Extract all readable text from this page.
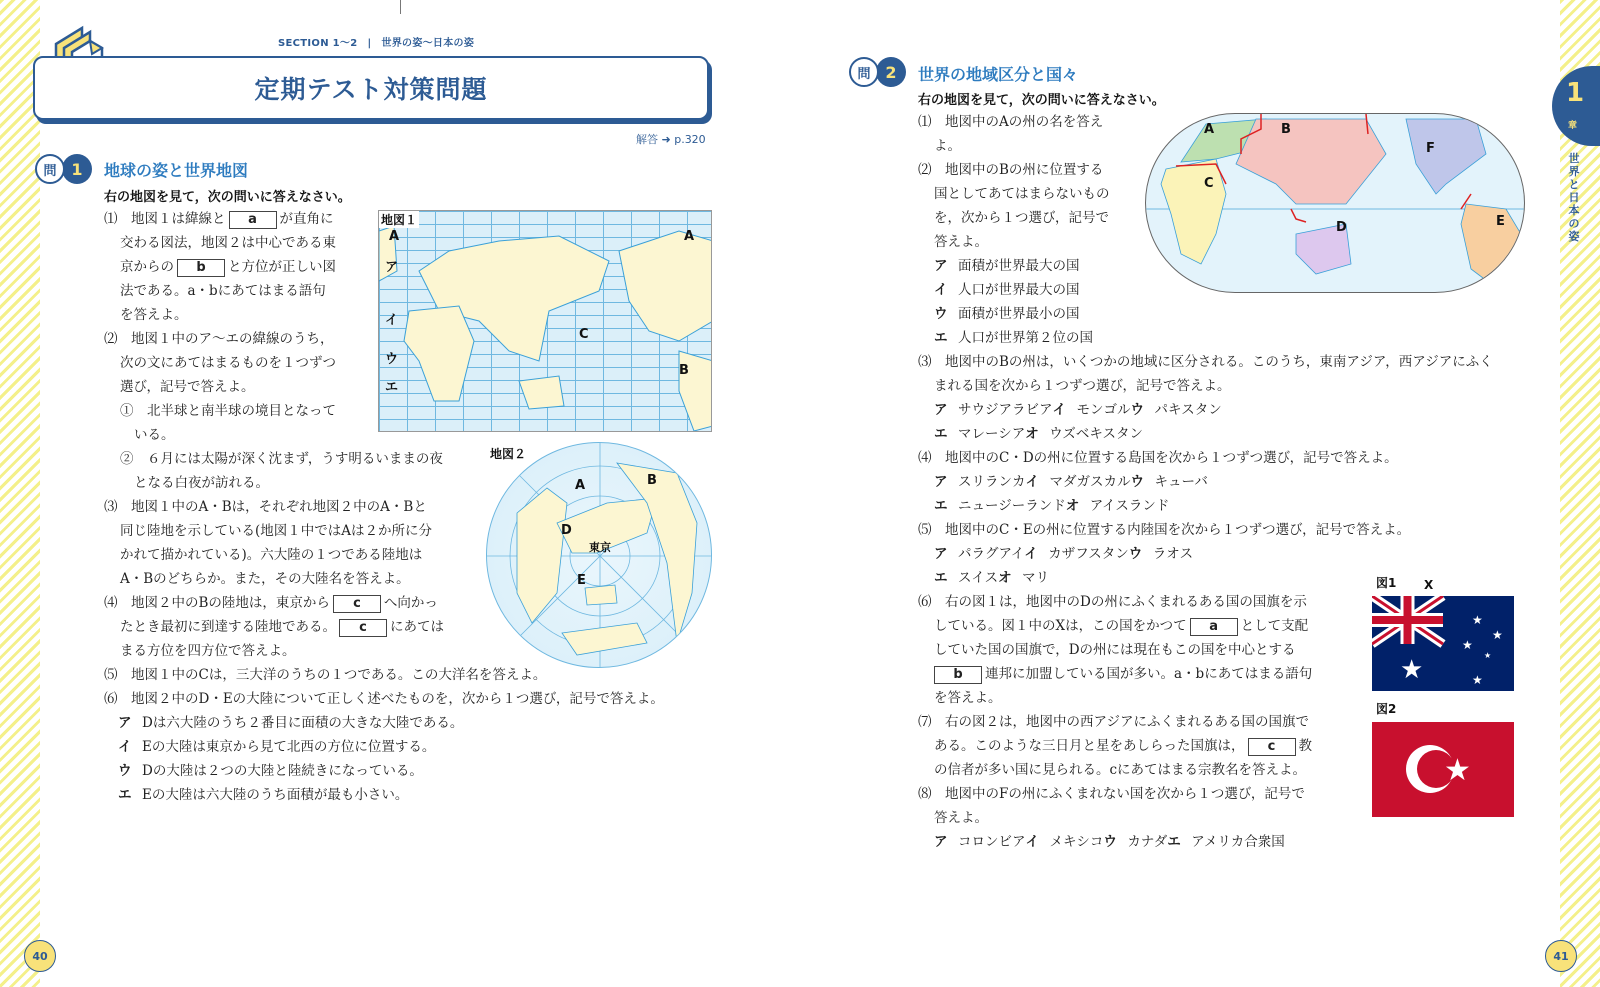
SECTION 1〜2 | 世界の姿〜日本の姿
定期テスト対策問題
解答 ➜ p.320
問 1	地球の姿と世界地図
右の地図を見て，次の問いに答えなさい。
⑴　地図１は緯線と a が直角に
交わる図法，地図２は中心である東
京からの b と方位が正しい図
法である。a・bにあてはまる語句
を答えよ。
⑵　地図１中のア〜エの緯線のうち，
次の文にあてはまるものを１つずつ
選び，記号で答えよ。
①　北半球と南半球の境目となって
いる。
②　６月には太陽が深く沈まず，うす明るいままの夜
となる白夜が訪れる。
⑶　地図１中のA・Bは，それぞれ地図２中のA・Bと
同じ陸地を示している(地図１中ではAは２か所に分
かれて描かれている)。六大陸の１つである陸地は
A・Bのどちらか。また，その大陸名を答えよ。
⑷　地図２中のBの陸地は，東京から c へ向かっ
たとき最初に到達する陸地である。 c にあては
まる方位を四方位で答えよ。
⑸　地図１中のCは，三大洋のうちの１つである。この大洋名を答えよ。
⑹　地図２中のD・Eの大陸について正しく述べたものを，次から１つ選び，記号で答えよ。
ア Dは六大陸のうち２番目に面積の大きな大陸である。
イ Eの大陸は東京から見て北西の方位に位置する。
ウ Dの大陸は２つの大陸と陸続きになっている。
エ Eの大陸は六大陸のうち面積が最も小さい。
地図１
A	A
ア
イ
ウ
エ
C
B
地図２
A	B
D
東京
E
問 2	世界の地域区分と国々
右の地図を見て，次の問いに答えなさい。
⑴　地図中のAの州の名を答え
よ。
⑵　地図中のBの州に位置する
国としてあてはまらないもの
を，次から１つ選び，記号で
答えよ。
ア 面積が世界最大の国
イ 人口が世界最大の国
ウ 面積が世界最小の国
エ 人口が世界第２位の国
⑶　地図中のBの州は，いくつかの地域に区分される。このうち，東南アジア，西アジアにふく
まれる国を次から１つずつ選び，記号で答えよ。
ア サウジアラビアイ モンゴルウ パキスタン
エ マレーシアオ ウズベキスタン
⑷　地図中のC・Dの州に位置する島国を次から１つずつ選び，記号で答えよ。
ア スリランカイ マダガスカルウ キューバ
エ ニュージーランドオ アイスランド
⑸　地図中のC・Eの州に位置する内陸国を次から１つずつ選び，記号で答えよ。
ア パラグアイイ カザフスタンウ ラオス
エ スイスオ マリ
⑹　右の図１は，地図中のDの州にふくまれるある国の国旗を示
している。図１中のXは，この国をかつて a として支配
していた国の国旗で，Dの州には現在もこの国を中心とする
b 連邦に加盟している国が多い。a・bにあてはまる語句
を答えよ。
⑺　右の図２は，地図中の西アジアにふくまれるある国の国旗で
ある。このような三日月と星をあしらった国旗は， c 教
の信者が多い国に見られる。cにあてはまる宗教名を答えよ。
⑻　地図中のFの州にふくまれない国を次から１つ選び，記号で
答えよ。
ア コロンビアイ メキシコウ カナダエ アメリカ合衆国
A	B
C
D	E
F
図1 X
★
★
★
★
★
★
図2
★
1
章
世界と日本の姿
40	41
